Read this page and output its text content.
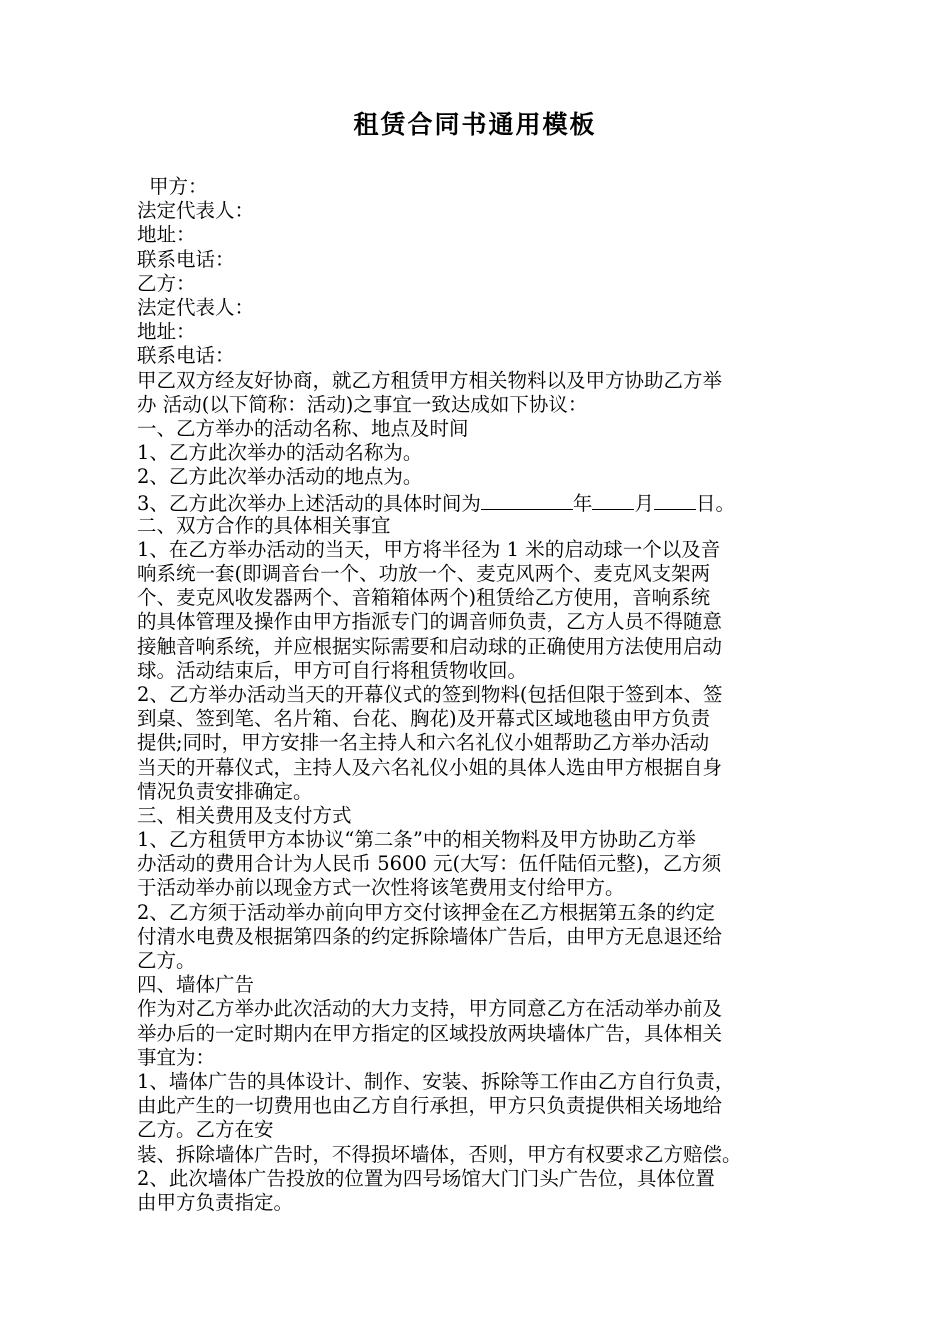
租赁合同书通用模板
甲方：
法定代表人：
地址：
联系电话：
乙方：
法定代表人：
地址：
联系电话：
甲乙双方经友好协商，就乙方租赁甲方相关物料以及甲方协助乙方举
办 活动(以下简称：活动)之事宜一致达成如下协议：
一、乙方举办的活动名称、地点及时间
1、乙方此次举办的活动名称为。
2、乙方此次举办活动的地点为。
3、乙方此次举办上述活动的具体时间为	年 月 日。
二、双方合作的具体相关事宜
1、在乙方举办活动的当天，甲方将半径为 1 米的启动球一个以及音
响系统一套(即调音台一个、功放一个、麦克风两个、麦克风支架两
个、麦克风收发器两个、音箱箱体两个)租赁给乙方使用，音响系统
的具体管理及操作由甲方指派专门的调音师负责，乙方人员不得随意
接触音响系统，并应根据实际需要和启动球的正确使用方法使用启动
球。活动结束后，甲方可自行将租赁物收回。
2、乙方举办活动当天的开幕仪式的签到物料(包括但限于签到本、签
到桌、签到笔、名片箱、台花、胸花)及开幕式区域地毯由甲方负责
提供;同时，甲方安排一名主持人和六名礼仪小姐帮助乙方举办活动
当天的开幕仪式，主持人及六名礼仪小姐的具体人选由甲方根据自身
情况负责安排确定。
三、相关费用及支付方式
1、乙方租赁甲方本协议“第二条”中的相关物料及甲方协助乙方举
办活动的费用合计为人民币 5600 元(大写：伍仟陆佰元整)，乙方须
于活动举办前以现金方式一次性将该笔费用支付给甲方。
2、乙方须于活动举办前向甲方交付该押金在乙方根据第五条的约定
付清水电费及根据第四条的约定拆除墙体广告后，由甲方无息退还给
乙方。
四、墙体广告
作为对乙方举办此次活动的大力支持，甲方同意乙方在活动举办前及
举办后的一定时期内在甲方指定的区域投放两块墙体广告，具体相关
事宜为：
1、墙体广告的具体设计、制作、安装、拆除等工作由乙方自行负责，
由此产生的一切费用也由乙方自行承担，甲方只负责提供相关场地给
乙方。乙方在安
装、拆除墙体广告时，不得损坏墙体，否则，甲方有权要求乙方赔偿。
2、此次墙体广告投放的位置为四号场馆大门门头广告位，具体位置
由甲方负责指定。
